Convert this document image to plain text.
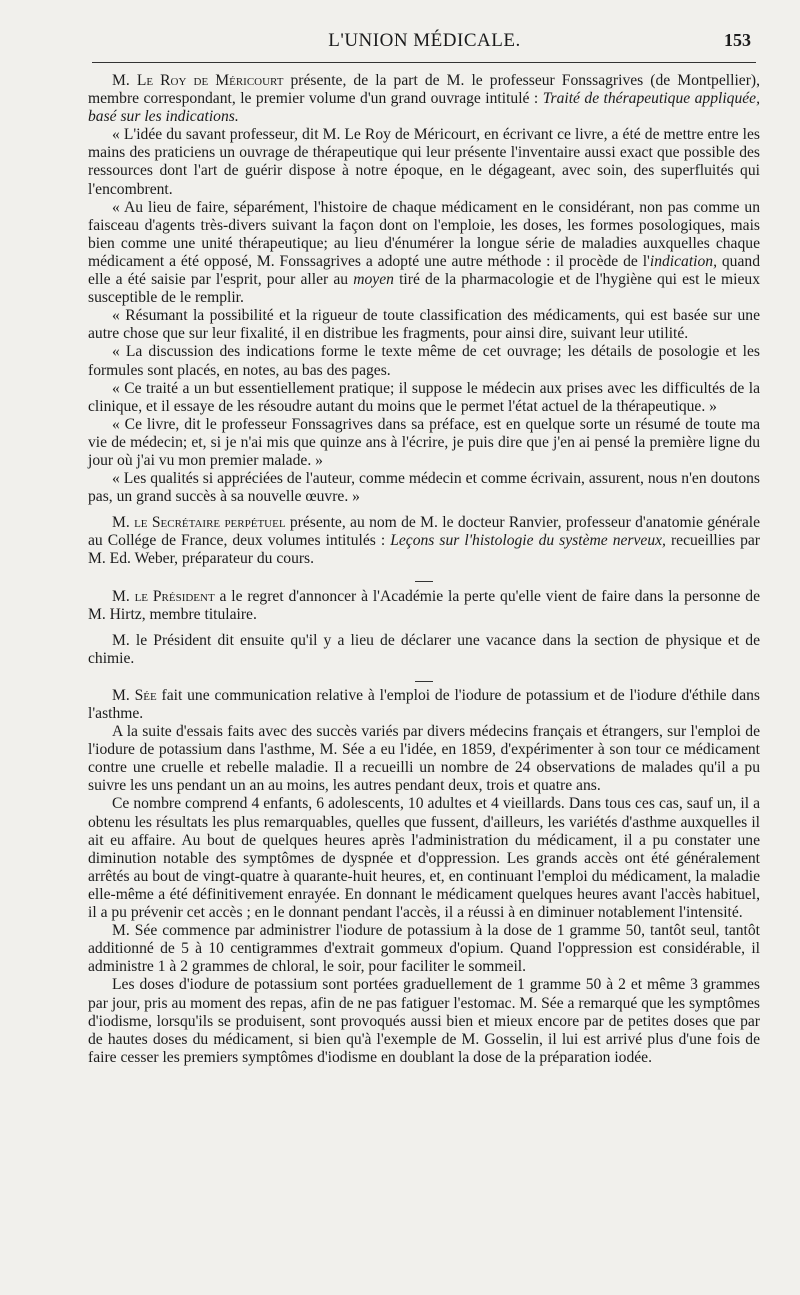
L'UNION MÉDICALE.	153

M. Le Roy de Méricourt présente, de la part de M. le professeur Fonssagrives (de Montpellier), membre correspondant, le premier volume d'un grand ouvrage intitulé : Traité de thérapeutique appliquée, basé sur les indications.

« L'idée du savant professeur, dit M. Le Roy de Méricourt, en écrivant ce livre, a été de mettre entre les mains des praticiens un ouvrage de thérapeutique qui leur présente l'inventaire aussi exact que possible des ressources dont l'art de guérir dispose à notre époque, en le dégageant, avec soin, des superfluités qui l'encombrent.

« Au lieu de faire, séparément, l'histoire de chaque médicament en le considérant, non pas comme un faisceau d'agents très-divers suivant la façon dont on l'emploie, les doses, les formes posologiques, mais bien comme une unité thérapeutique; au lieu d'énumérer la longue série de maladies auxquelles chaque médicament a été opposé, M. Fonssagrives a adopté une autre méthode : il procède de l'indication, quand elle a été saisie par l'esprit, pour aller au moyen tiré de la pharmacologie et de l'hygiène qui est le mieux susceptible de le remplir.

« Résumant la possibilité et la rigueur de toute classification des médicaments, qui est basée sur une autre chose que sur leur fixalité, il en distribue les fragments, pour ainsi dire, suivant leur utilité.

« La discussion des indications forme le texte même de cet ouvrage; les détails de posologie et les formules sont placés, en notes, au bas des pages.

« Ce traité a un but essentiellement pratique; il suppose le médecin aux prises avec les difficultés de la clinique, et il essaye de les résoudre autant du moins que le permet l'état actuel de la thérapeutique. »

« Ce livre, dit le professeur Fonssagrives dans sa préface, est en quelque sorte un résumé de toute ma vie de médecin; et, si je n'ai mis que quinze ans à l'écrire, je puis dire que j'en ai pensé la première ligne du jour où j'ai vu mon premier malade. »

« Les qualités si appréciées de l'auteur, comme médecin et comme écrivain, assurent, nous n'en doutons pas, un grand succès à sa nouvelle œuvre. »

M. le Secrétaire perpétuel présente, au nom de M. le docteur Ranvier, professeur d'anatomie générale au Collége de France, deux volumes intitulés : Leçons sur l'histologie du système nerveux, recueillies par M. Ed. Weber, préparateur du cours.

M. le Président a le regret d'annoncer à l'Académie la perte qu'elle vient de faire dans la personne de M. Hirtz, membre titulaire.

M. le Président dit ensuite qu'il y a lieu de déclarer une vacance dans la section de physique et de chimie.

M. Sée fait une communication relative à l'emploi de l'iodure de potassium et de l'iodure d'éthile dans l'asthme.

A la suite d'essais faits avec des succès variés par divers médecins français et étrangers, sur l'emploi de l'iodure de potassium dans l'asthme, M. Sée a eu l'idée, en 1859, d'expérimenter à son tour ce médicament contre une cruelle et rebelle maladie. Il a recueilli un nombre de 24 observations de malades qu'il a pu suivre les uns pendant un an au moins, les autres pendant deux, trois et quatre ans.

Ce nombre comprend 4 enfants, 6 adolescents, 10 adultes et 4 vieillards. Dans tous ces cas, sauf un, il a obtenu les résultats les plus remarquables, quelles que fussent, d'ailleurs, les variétés d'asthme auxquelles il ait eu affaire. Au bout de quelques heures après l'administration du médicament, il a pu constater une diminution notable des symptômes de dyspnée et d'oppression. Les grands accès ont été généralement arrêtés au bout de vingt-quatre à quarante-huit heures, et, en continuant l'emploi du médicament, la maladie elle-même a été définitivement enrayée. En donnant le médicament quelques heures avant l'accès habituel, il a pu prévenir cet accès ; en le donnant pendant l'accès, il a réussi à en diminuer notablement l'intensité.

M. Sée commence par administrer l'iodure de potassium à la dose de 1 gramme 50, tantôt seul, tantôt additionné de 5 à 10 centigrammes d'extrait gommeux d'opium. Quand l'oppression est considérable, il administre 1 à 2 grammes de chloral, le soir, pour faciliter le sommeil.

Les doses d'iodure de potassium sont portées graduellement de 1 gramme 50 à 2 et même 3 grammes par jour, pris au moment des repas, afin de ne pas fatiguer l'estomac. M. Sée a remarqué que les symptômes d'iodisme, lorsqu'ils se produisent, sont provoqués aussi bien et mieux encore par de petites doses que par de hautes doses du médicament, si bien qu'à l'exemple de M. Gosselin, il lui est arrivé plus d'une fois de faire cesser les premiers symptômes d'iodisme en doublant la dose de la préparation iodée.
